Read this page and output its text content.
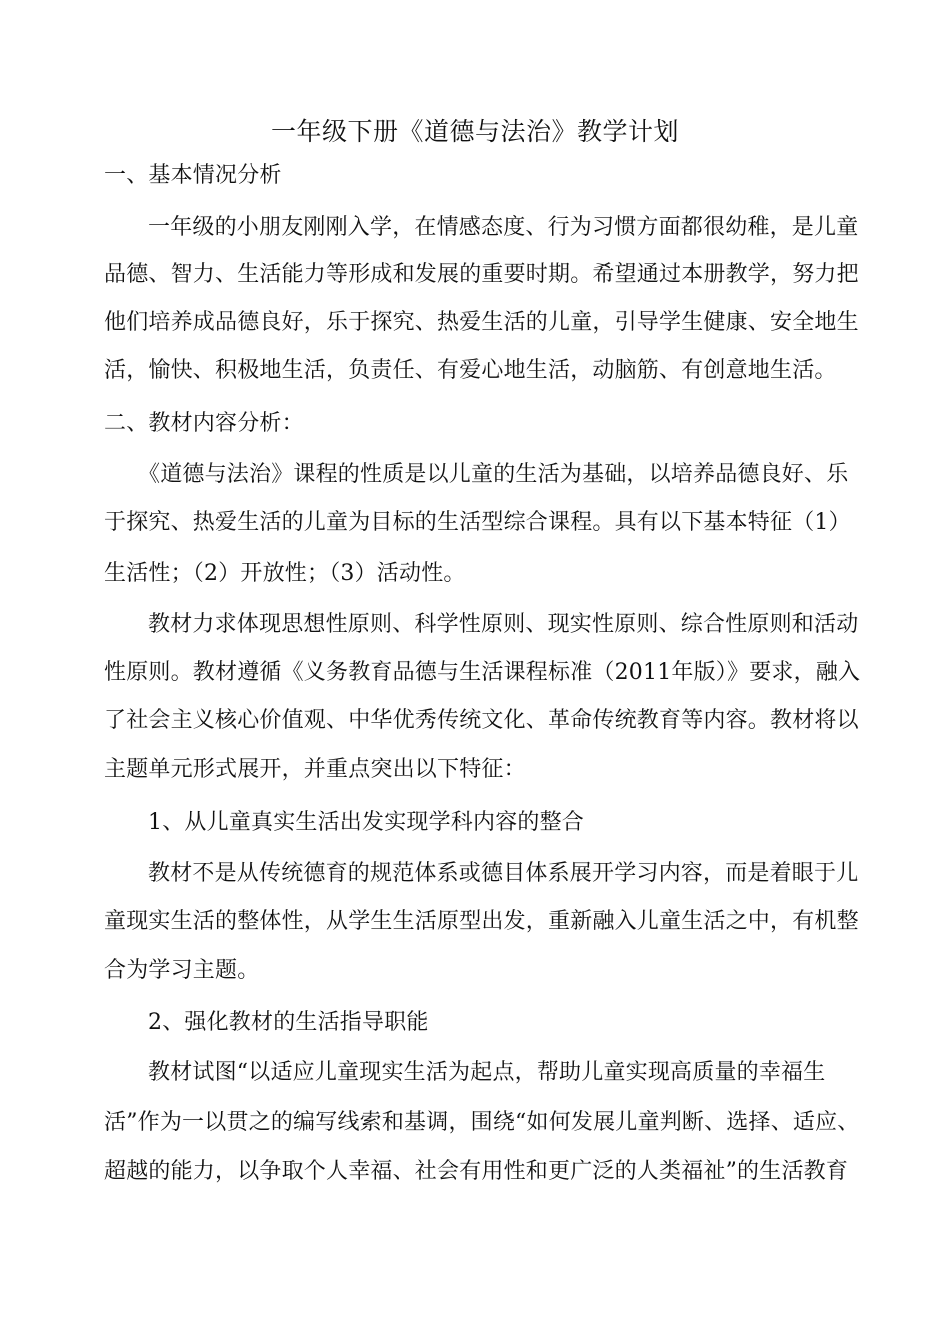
一年级下册《道德与法治》教学计划
一、基本情况分析
一年级的小朋友刚刚入学，在情感态度、行为习惯方面都很幼稚，是儿童
品德、智力、生活能力等形成和发展的重要时期。希望通过本册教学，努力把
他们培养成品德良好，乐于探究、热爱生活的儿童，引导学生健康、安全地生
活，愉快、积极地生活，负责任、有爱心地生活，动脑筋、有创意地生活。
二、教材内容分析：
《道德与法治》课程的性质是以儿童的生活为基础，以培养品德良好、乐
于探究、热爱生活的儿童为目标的生活型综合课程。具有以下基本特征（1）
生活性；（2）开放性；（3）活动性。
教材力求体现思想性原则、科学性原则、现实性原则、综合性原则和活动
性原则。教材遵循《义务教育品德与生活课程标准（2011年版）》要求，融入
了社会主义核心价值观、中华优秀传统文化、革命传统教育等内容。教材将以
主题单元形式展开，并重点突出以下特征：
1、从儿童真实生活出发实现学科内容的整合
教材不是从传统德育的规范体系或德目体系展开学习内容，而是着眼于儿
童现实生活的整体性，从学生生活原型出发，重新融入儿童生活之中，有机整
合为学习主题。
2、强化教材的生活指导职能
教材试图“以适应儿童现实生活为起点，帮助儿童实现高质量的幸福生
活”作为一以贯之的编写线索和基调，围绕“如何发展儿童判断、选择、适应、
超越的能力，以争取个人幸福、社会有用性和更广泛的人类福祉”的生活教育
